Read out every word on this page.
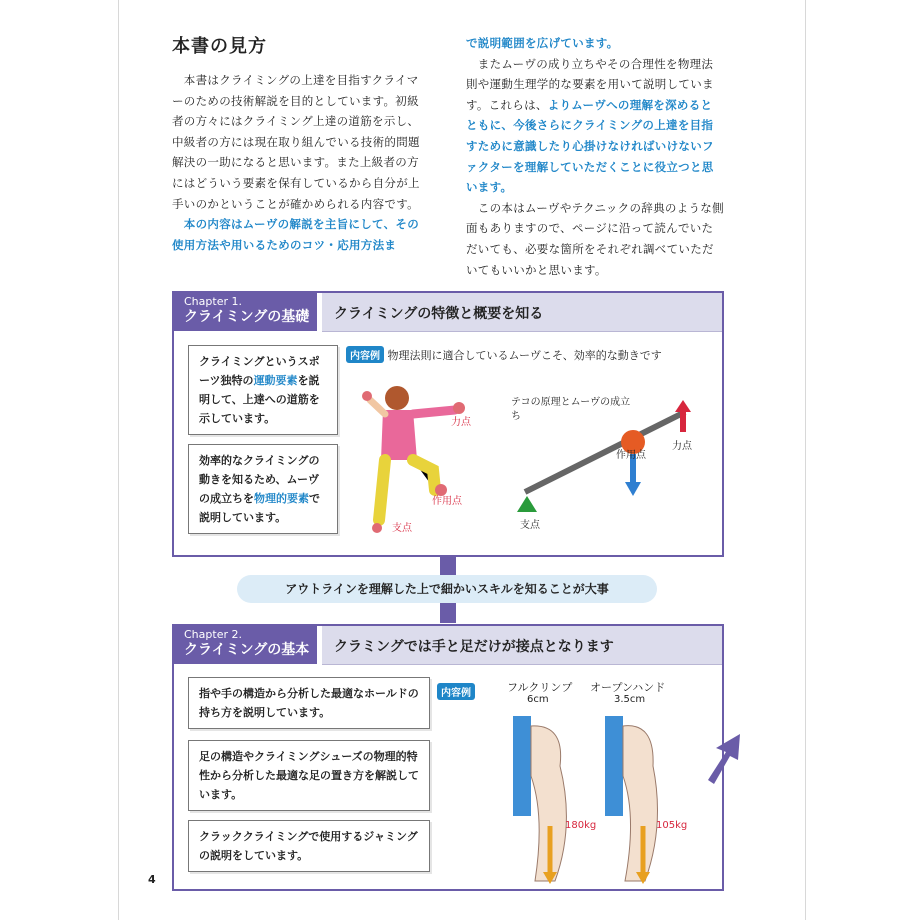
本書の見方

　本書はクライミングの上達を目指すクライマーのための技術解説を目的としています。初級者の方々にはクライミング上達の道筋を示し、中級者の方には現在取り組んでいる技術的問題解決の一助になると思います。また上級者の方にはどういう要素を保有しているから自分が上手いのかということが確かめられる内容です。

　本の内容はムーヴの解説を主旨にして、その使用方法や用いるためのコツ・応用方法ま

で説明範囲を広げています。

　またムーヴの成り立ちやその合理性を物理法則や運動生理学的な要素を用いて説明しています。これらは、よりムーヴへの理解を深めるとともに、今後さらにクライミングの上達を目指すために意識したり心掛けなければいけないファクターを理解していただくことに役立つと思います。

　この本はムーヴやテクニックの辞典のような側面もありますので、ページに沿って読んでいただいても、必要な箇所をそれぞれ調べていただいてもいいかと思います。

クライミングの特徴と概要を知る
Chapter 1.
クライミングの基礎
クライミングというスポーツ独特の運動要素を説明して、上達への道筋を示しています。
効率的なクライミングの動きを知るため、ムーヴの成立ちを物理的要素で説明しています。
内容例 物理法則に適合しているムーヴこそ、効率的な動きです
力点
作用点
支点
テコの原理とムーヴの成立ち
力点
作用点
支点
アウトラインを理解した上で細かいスキルを知ることが大事
クラミングでは手と足だけが接点となります
Chapter 2.
クライミングの基本
指や手の構造から分析した最適なホールドの持ち方を説明しています。
足の構造やクライミングシューズの物理的特性から分析した最適な足の置き方を解説しています。
クラッククライミングで使用するジャミングの説明をしています。
内容例	フルクリンプ
6cm
オープンハンド
3.5cm
180kg	105kg
4
